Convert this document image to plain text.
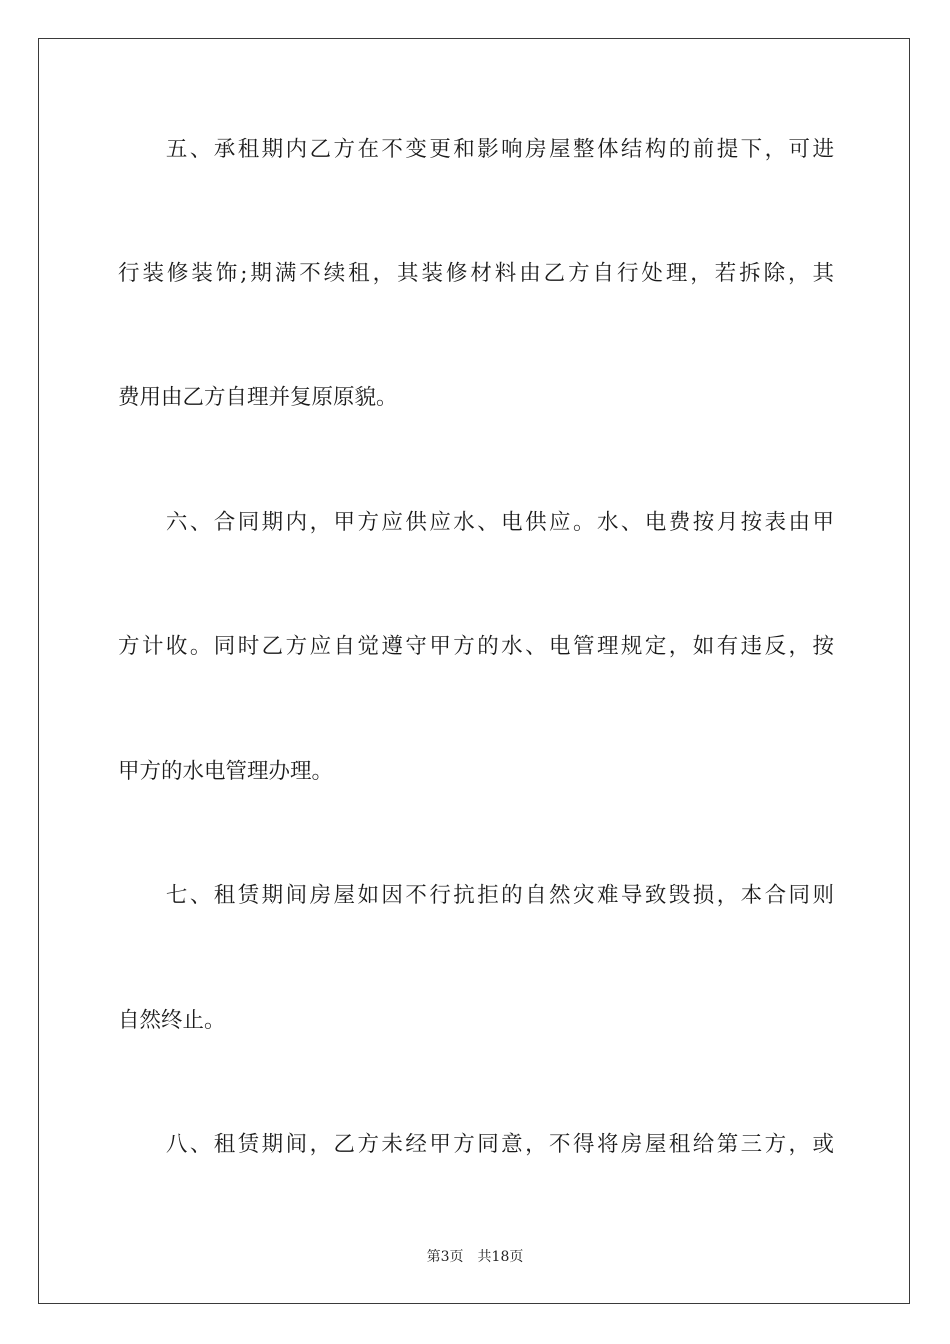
　　五、承租期内乙方在不变更和影响房屋整体结构的前提下，可进
行装修装饰;期满不续租，其装修材料由乙方自行处理，若拆除，其
费用由乙方自理并复原原貌。
　　六、合同期内，甲方应供应水、电供应。水、电费按月按表由甲
方计收。同时乙方应自觉遵守甲方的水、电管理规定，如有违反，按
甲方的水电管理办理。
　　七、租赁期间房屋如因不行抗拒的自然灾难导致毁损，本合同则
自然终止。
　　八、租赁期间，乙方未经甲方同意，不得将房屋租给第三方，或
第3页 共18页
